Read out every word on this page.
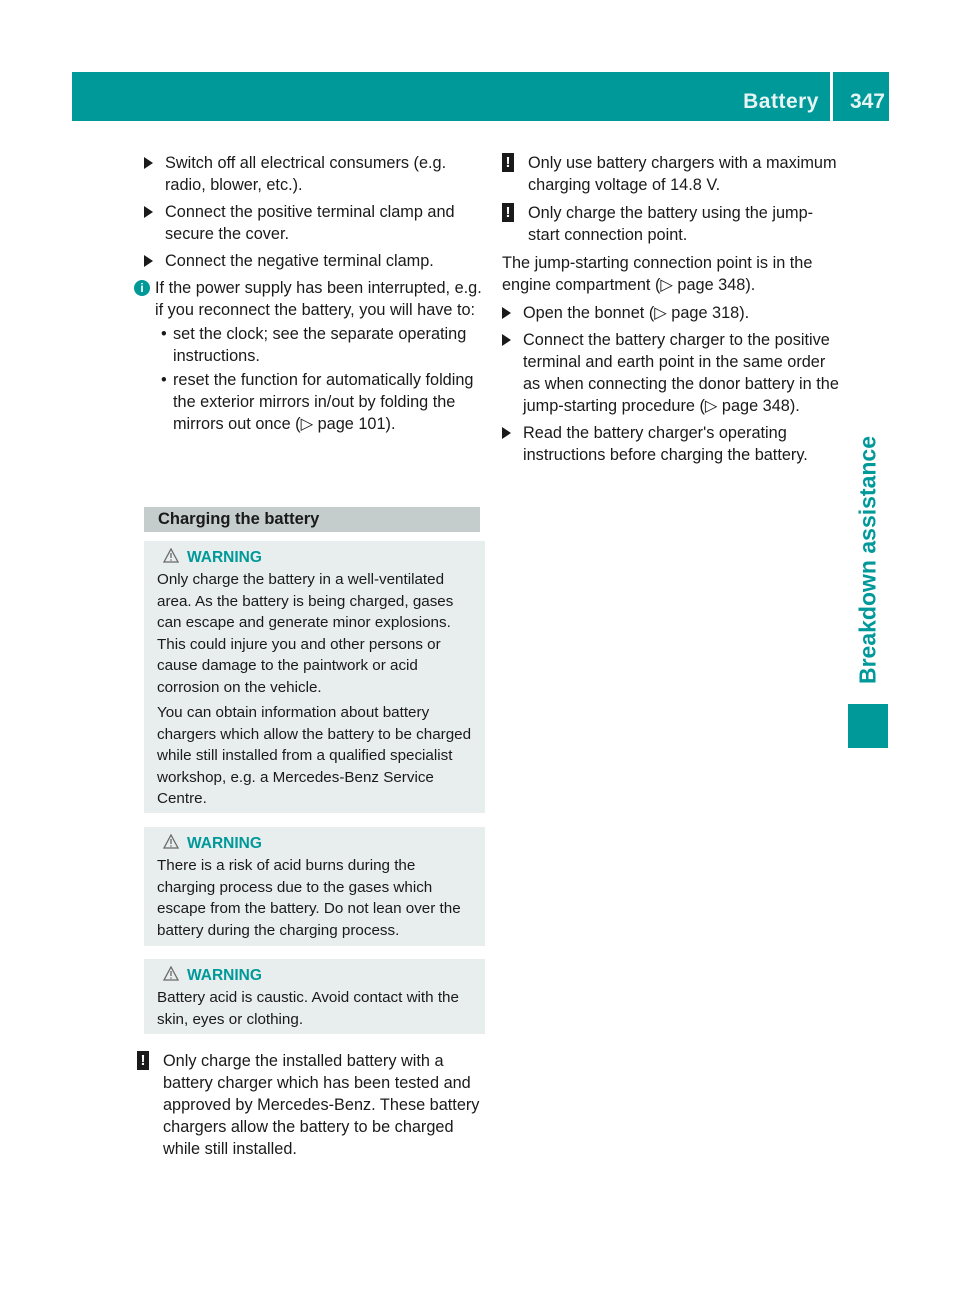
Battery 347
Breakdown assistance
Switch off all electrical consumers (e.g. radio, blower, etc.).
Connect the positive terminal clamp and secure the cover.
Connect the negative terminal clamp.
i If the power supply has been interrupted, e.g. if you reconnect the battery, you will have to:
• set the clock; see the separate operating instructions.
• reset the function for automatically folding the exterior mirrors in/out by folding the mirrors out once (▷ page 101).
Charging the battery
WARNING

Only charge the battery in a well-ventilated area. As the battery is being charged, gases can escape and generate minor explosions. This could injure you and other persons or cause damage to the paintwork or acid corrosion on the vehicle.

You can obtain information about battery chargers which allow the battery to be charged while still installed from a qualified specialist workshop, e.g. a Mercedes-Benz Service Centre.

WARNING

There is a risk of acid burns during the charging process due to the gases which escape from the battery. Do not lean over the battery during the charging process.

WARNING

Battery acid is caustic. Avoid contact with the skin, eyes or clothing.

! Only charge the installed battery with a battery charger which has been tested and approved by Mercedes-Benz. These battery chargers allow the battery to be charged while still installed.
! Only use battery chargers with a maximum charging voltage of 14.8 V.
! Only charge the battery using the jump-start connection point.
The jump-starting connection point is in the engine compartment (▷ page 348).
Open the bonnet (▷ page 318).
Connect the battery charger to the positive terminal and earth point in the same order as when connecting the donor battery in the jump-starting procedure (▷ page 348).
Read the battery charger's operating instructions before charging the battery.
